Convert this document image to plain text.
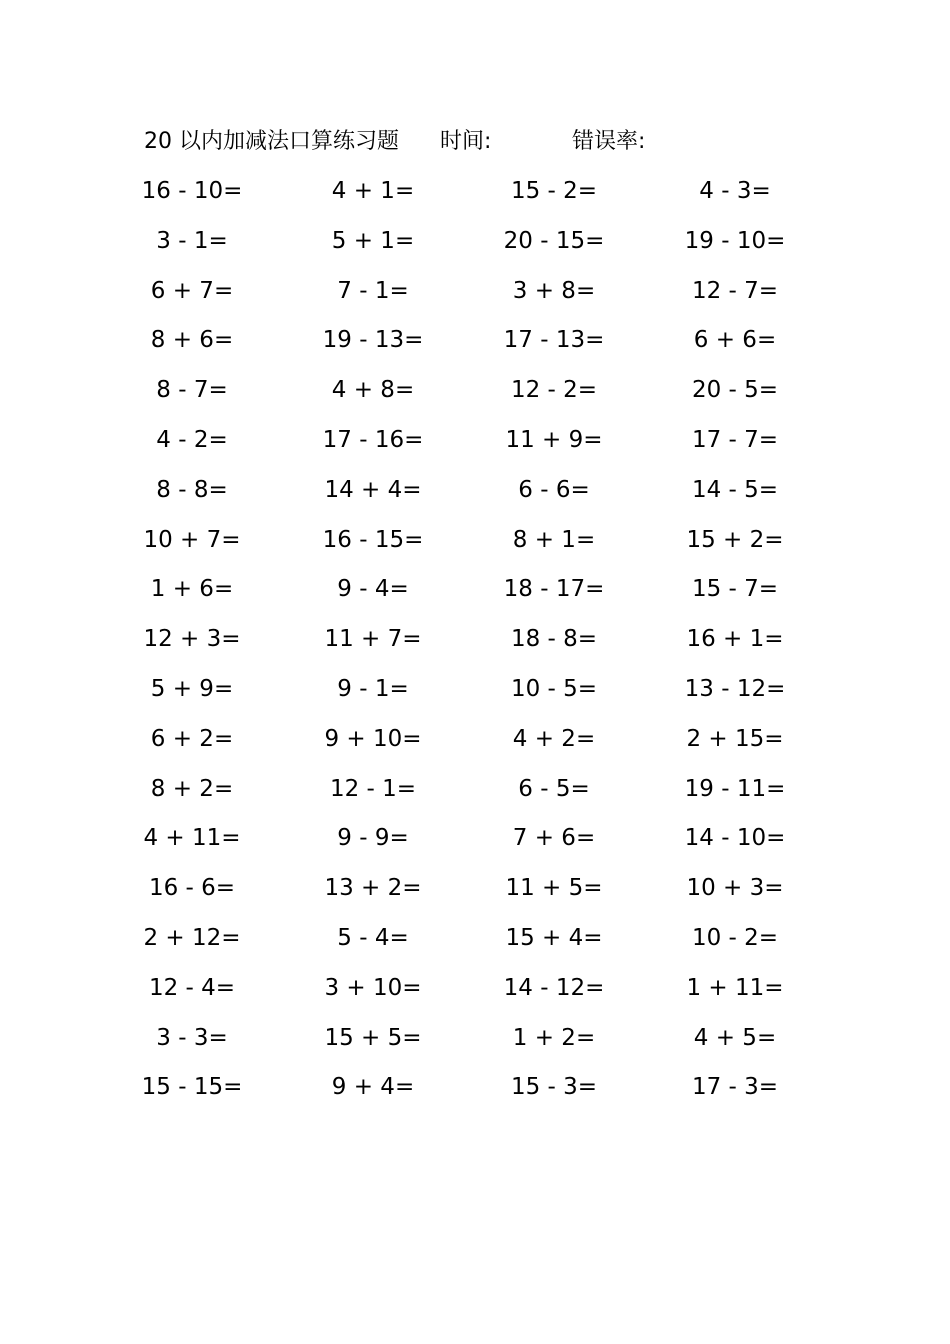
20 以内加减法口算练习题 时间:	错误率:
16 - 10=	4 + 1=	15 - 2=	4 - 3=
3 - 1=	5 + 1=	20 - 15=	19 - 10=
6 + 7=	7 - 1=	3 + 8=	12 - 7=
8 + 6=	19 - 13=	17 - 13=	6 + 6=
8 - 7=	4 + 8=	12 - 2=	20 - 5=
4 - 2=	17 - 16=	11 + 9=	17 - 7=
8 - 8=	14 + 4=	6 - 6=	14 - 5=
10 + 7=	16 - 15=	8 + 1=	15 + 2=
1 + 6=	9 - 4=	18 - 17=	15 - 7=
12 + 3=	11 + 7=	18 - 8=	16 + 1=
5 + 9=	9 - 1=	10 - 5=	13 - 12=
6 + 2=	9 + 10=	4 + 2=	2 + 15=
8 + 2=	12 - 1=	6 - 5=	19 - 11=
4 + 11=	9 - 9=	7 + 6=	14 - 10=
16 - 6=	13 + 2=	11 + 5=	10 + 3=
2 + 12=	5 - 4=	15 + 4=	10 - 2=
12 - 4=	3 + 10=	14 - 12=	1 + 11=
3 - 3=	15 + 5=	1 + 2=	4 + 5=
15 - 15=	9 + 4=	15 - 3=	17 - 3=
